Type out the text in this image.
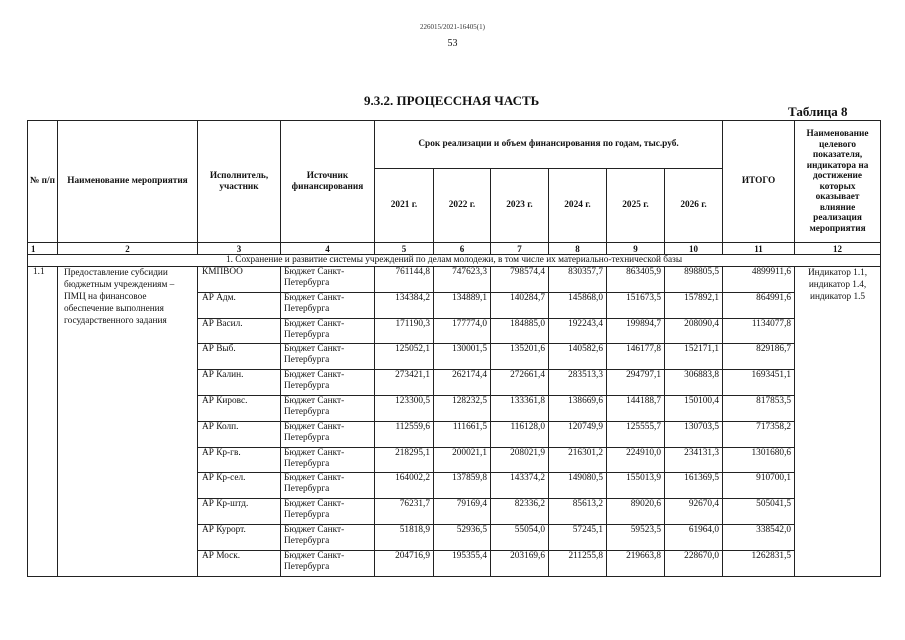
226015/2021-16405(1)
53
9.3.2. ПРОЦЕССНАЯ ЧАСТЬ
Таблица 8
№ п/п	Наименование мероприятия	Исполнитель, участник	Источник финансирования	Срок реализации и объем финансирования по годам, тыс.руб.						ИТОГО	Наименование целевого показателя, индикатора на достижение которых оказывает влияние реализация мероприятия
				2021 г.	2022 г.	2023 г.	2024 г.	2025 г.	2026 г.		
1	2	3	4	5	6	7	8	9	10	11	12
1. Сохранение и развитие системы учреждений по делам молодежи, в том числе их материально-технической базы											
1.1	Предоставление субсидии бюджетным учреждениям – ПМЦ на финансовое обеспечение выполнения государственного задания	КМПВОО	Бюджет Санкт-Петербурга	761144,8	747623,3	798574,4	830357,7	863405,9	898805,5	4899911,6	Индикатор 1.1, индикатор 1.4, индикатор 1.5
		АР Адм.	Бюджет Санкт-Петербурга	134384,2	134889,1	140284,7	145868,0	151673,5	157892,1	864991,6	
		АР Васил.	Бюджет Санкт-Петербурга	171190,3	177774,0	184885,0	192243,4	199894,7	208090,4	1134077,8	
		АР Выб.	Бюджет Санкт-Петербурга	125052,1	130001,5	135201,6	140582,6	146177,8	152171,1	829186,7	
		АР Калин.	Бюджет Санкт-Петербурга	273421,1	262174,4	272661,4	283513,3	294797,1	306883,8	1693451,1	
		АР Кировс.	Бюджет Санкт-Петербурга	123300,5	128232,5	133361,8	138669,6	144188,7	150100,4	817853,5	
		АР Колп.	Бюджет Санкт-Петербурга	112559,6	111661,5	116128,0	120749,9	125555,7	130703,5	717358,2	
		АР Кр-гв.	Бюджет Санкт-Петербурга	218295,1	200021,1	208021,9	216301,2	224910,0	234131,3	1301680,6	
		АР Кр-сел.	Бюджет Санкт-Петербурга	164002,2	137859,8	143374,2	149080,5	155013,9	161369,5	910700,1	
		АР Кр-штд.	Бюджет Санкт-Петербурга	76231,7	79169,4	82336,2	85613,2	89020,6	92670,4	505041,5	
		АР Курорт.	Бюджет Санкт-Петербурга	51818,9	52936,5	55054,0	57245,1	59523,5	61964,0	338542,0	
		АР Моск.	Бюджет Санкт-Петербурга	204716,9	195355,4	203169,6	211255,8	219663,8	228670,0	1262831,5	
